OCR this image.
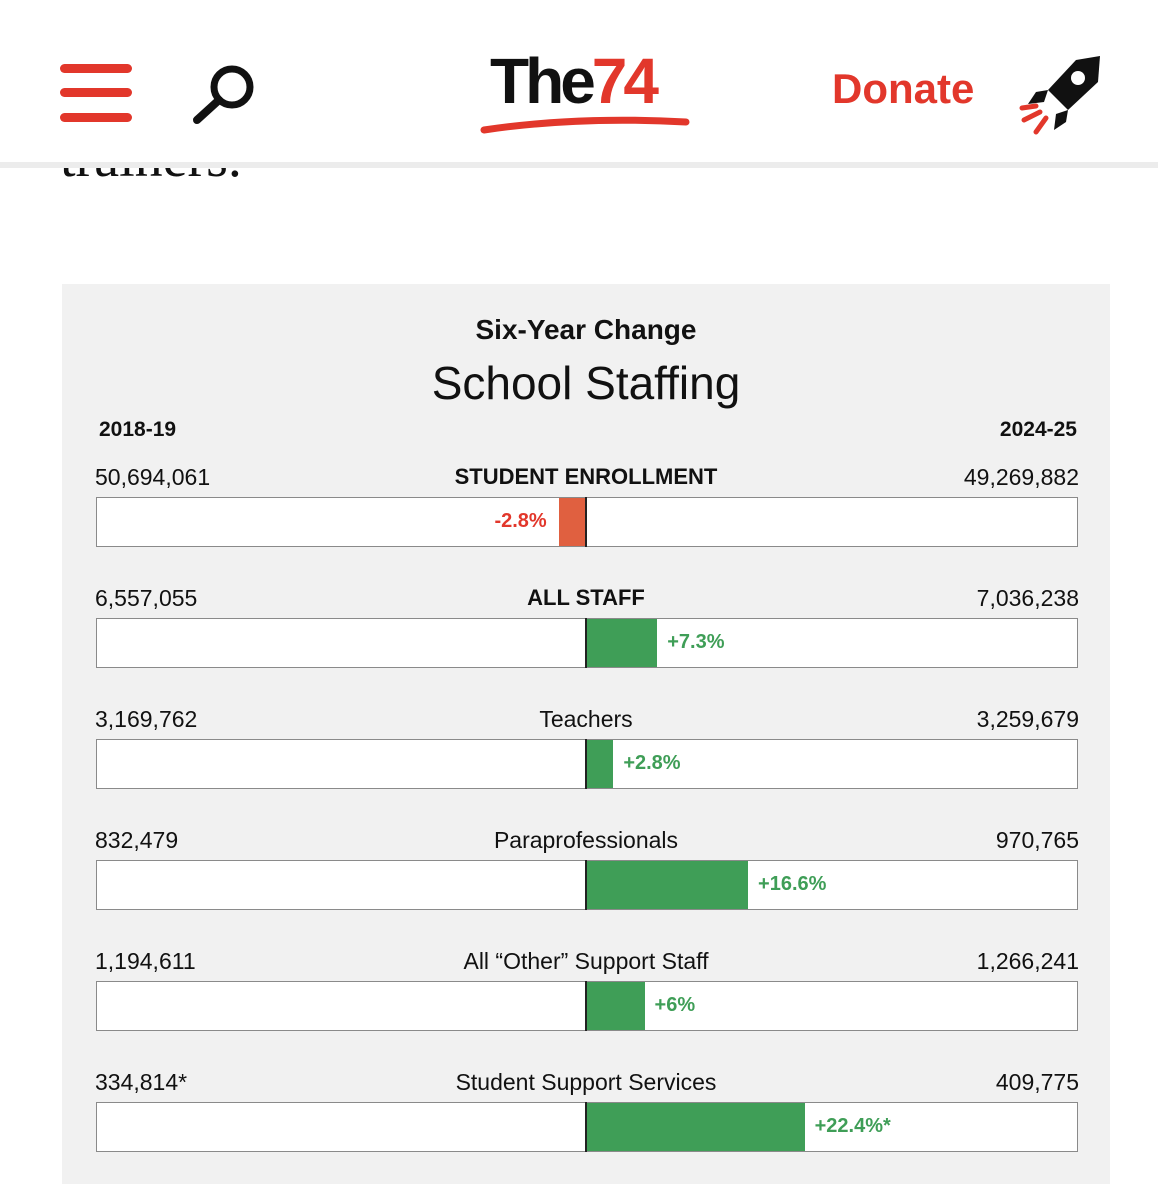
The74	Donate
Six-Year Change
School Staffing
2018-19	2024-25
50,694,061	STUDENT ENROLLMENT	49,269,882
-2.8%
6,557,055	ALL STAFF	7,036,238
+7.3%
3,169,762	Teachers	3,259,679
+2.8%
832,479	Paraprofessionals	970,765
+16.6%
1,194,611	All “Other” Support Staff	1,266,241
+6%
334,814*	Student Support Services	409,775
+22.4%*
